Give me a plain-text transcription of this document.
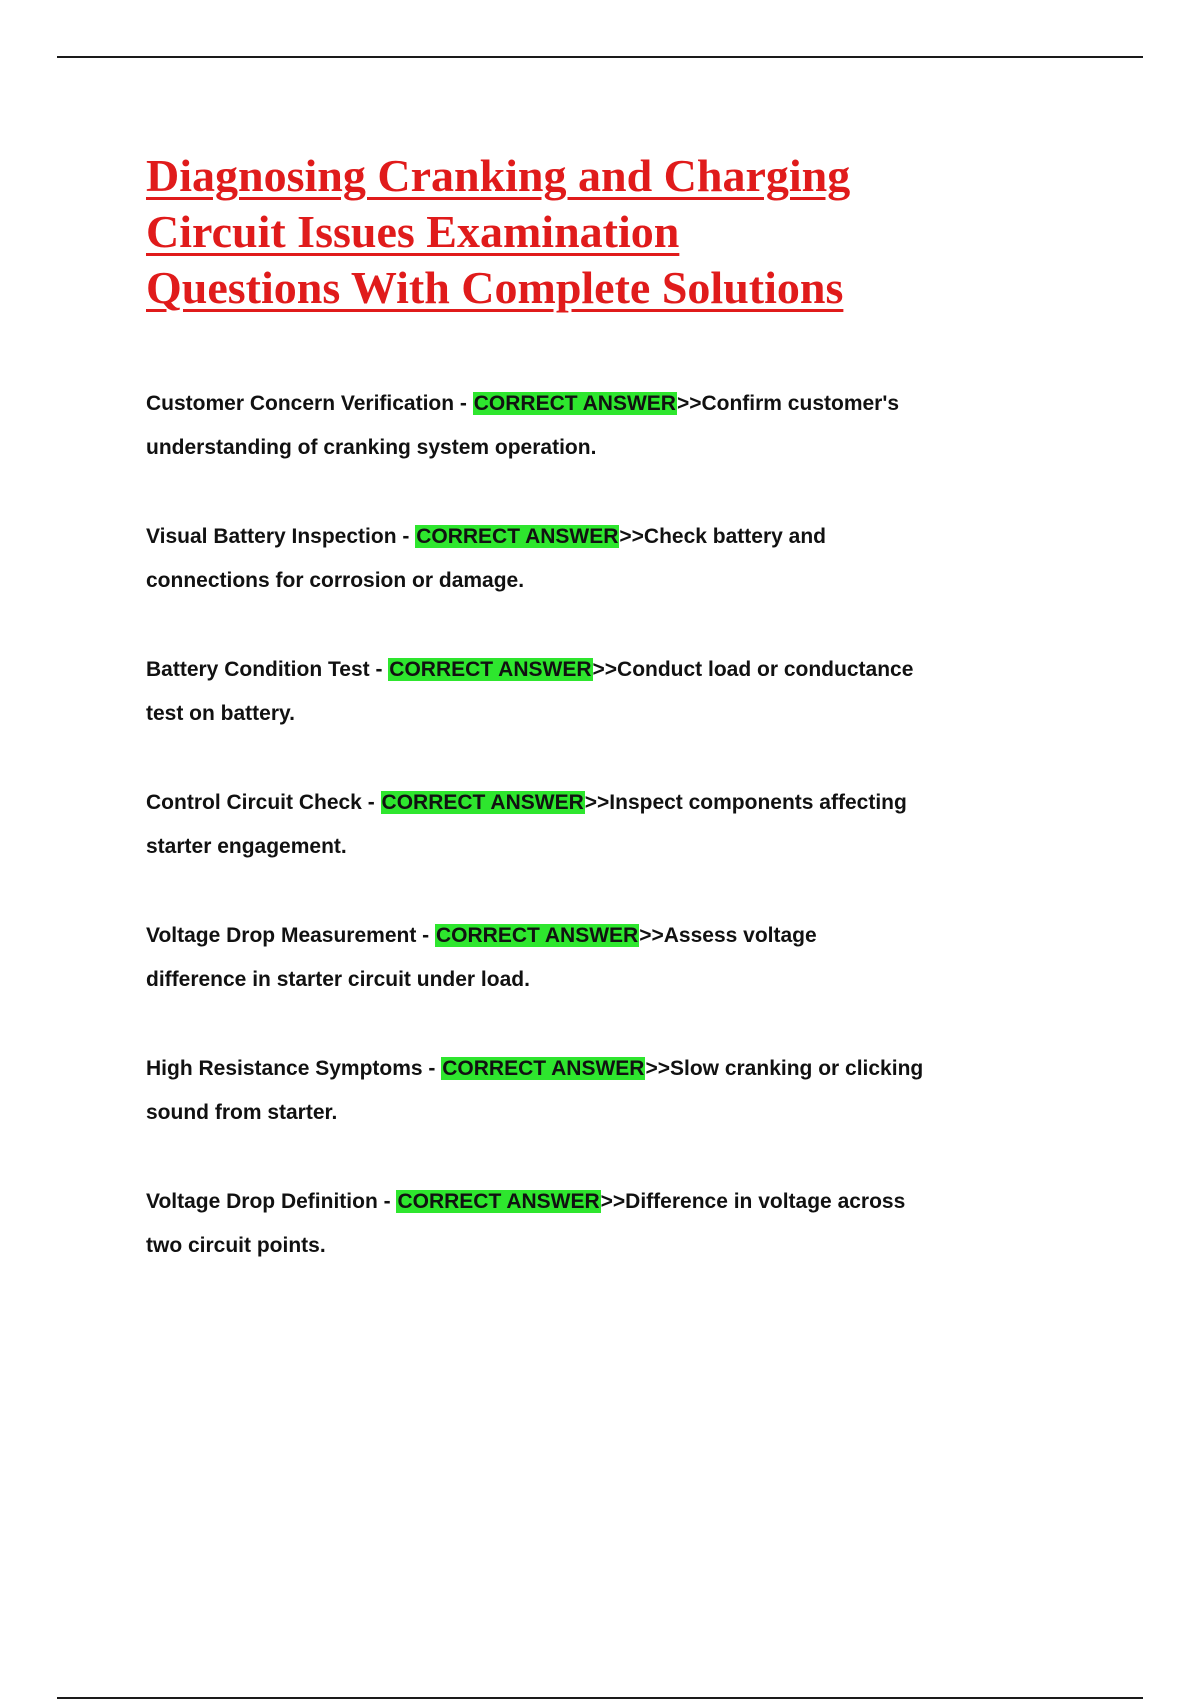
Diagnosing Cranking and Charging
Circuit Issues Examination
Questions With Complete Solutions
Customer Concern Verification - CORRECT ANSWER>>Confirm customer's
understanding of cranking system operation.
Visual Battery Inspection - CORRECT ANSWER>>Check battery and
connections for corrosion or damage.
Battery Condition Test - CORRECT ANSWER>>Conduct load or conductance
test on battery.
Control Circuit Check - CORRECT ANSWER>>Inspect components affecting
starter engagement.
Voltage Drop Measurement - CORRECT ANSWER>>Assess voltage
difference in starter circuit under load.
High Resistance Symptoms - CORRECT ANSWER>>Slow cranking or clicking
sound from starter.
Voltage Drop Definition - CORRECT ANSWER>>Difference in voltage across
two circuit points.
